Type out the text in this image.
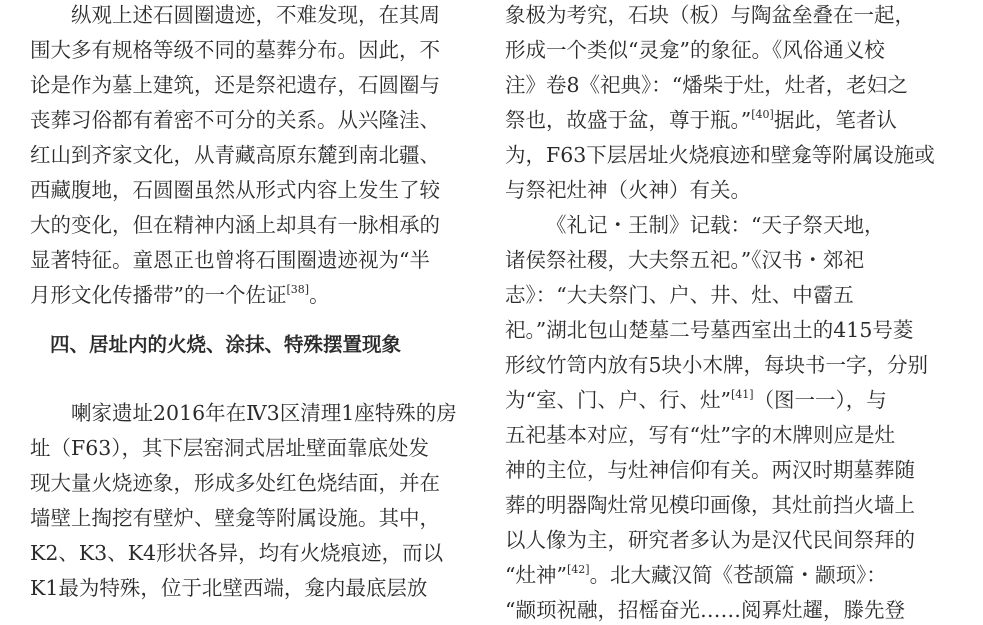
纵观上述石圆圈遗迹，不难发现，在其周
围大多有规格等级不同的墓葬分布。因此，不
论是作为墓上建筑，还是祭祀遗存，石圆圈与
丧葬习俗都有着密不可分的关系。从兴隆洼、
红山到齐家文化，从青藏高原东麓到南北疆、
西藏腹地，石圆圈虽然从形式内容上发生了较
大的变化，但在精神内涵上却具有一脉相承的
显著特征。童恩正也曾将石围圈遗迹视为“半
月形文化传播带”的一个佐证[38]。
四、居址内的火烧、涂抹、特殊摆置现象
喇家遗址2016年在Ⅳ3区清理1座特殊的房
址（F63），其下层窑洞式居址壁面靠底处发
现大量火烧迹象，形成多处红色烧结面，并在
墙壁上掏挖有壁炉、壁龛等附属设施。其中，
K2、K3、K4形状各异，均有火烧痕迹，而以
K1最为特殊，位于北壁西端，龛内最底层放
象极为考究，石块（板）与陶盆垒叠在一起，
形成一个类似“灵龛”的象征。《风俗通义校
注》卷8《祀典》：“燔柴于灶，灶者，老妇之
祭也，故盛于盆，尊于瓶。”[40]据此，笔者认
为，F63下层居址火烧痕迹和壁龛等附属设施或
与祭祀灶神（火神）有关。
《礼记・王制》记载：“天子祭天地，
诸侯祭社稷，大夫祭五祀。”《汉书・郊祀
志》：“大夫祭门、户、井、灶、中霤五
祀。”湖北包山楚墓二号墓西室出土的415号菱
形纹竹笥内放有5块小木牌，每块书一字，分别
为“室、门、户、行、灶”[41]（图一一），与
五祀基本对应，写有“灶”字的木牌则应是灶
神的主位，与灶神信仰有关。两汉时期墓葬随
葬的明器陶灶常见模印画像，其灶前挡火墙上
以人像为主，研究者多认为是汉代民间祭拜的
“灶神”[42]。北大藏汉简《苍颉篇・颛顼》：
“颛顼祝融，招榣奋光……阅奡灶趯，滕先登
